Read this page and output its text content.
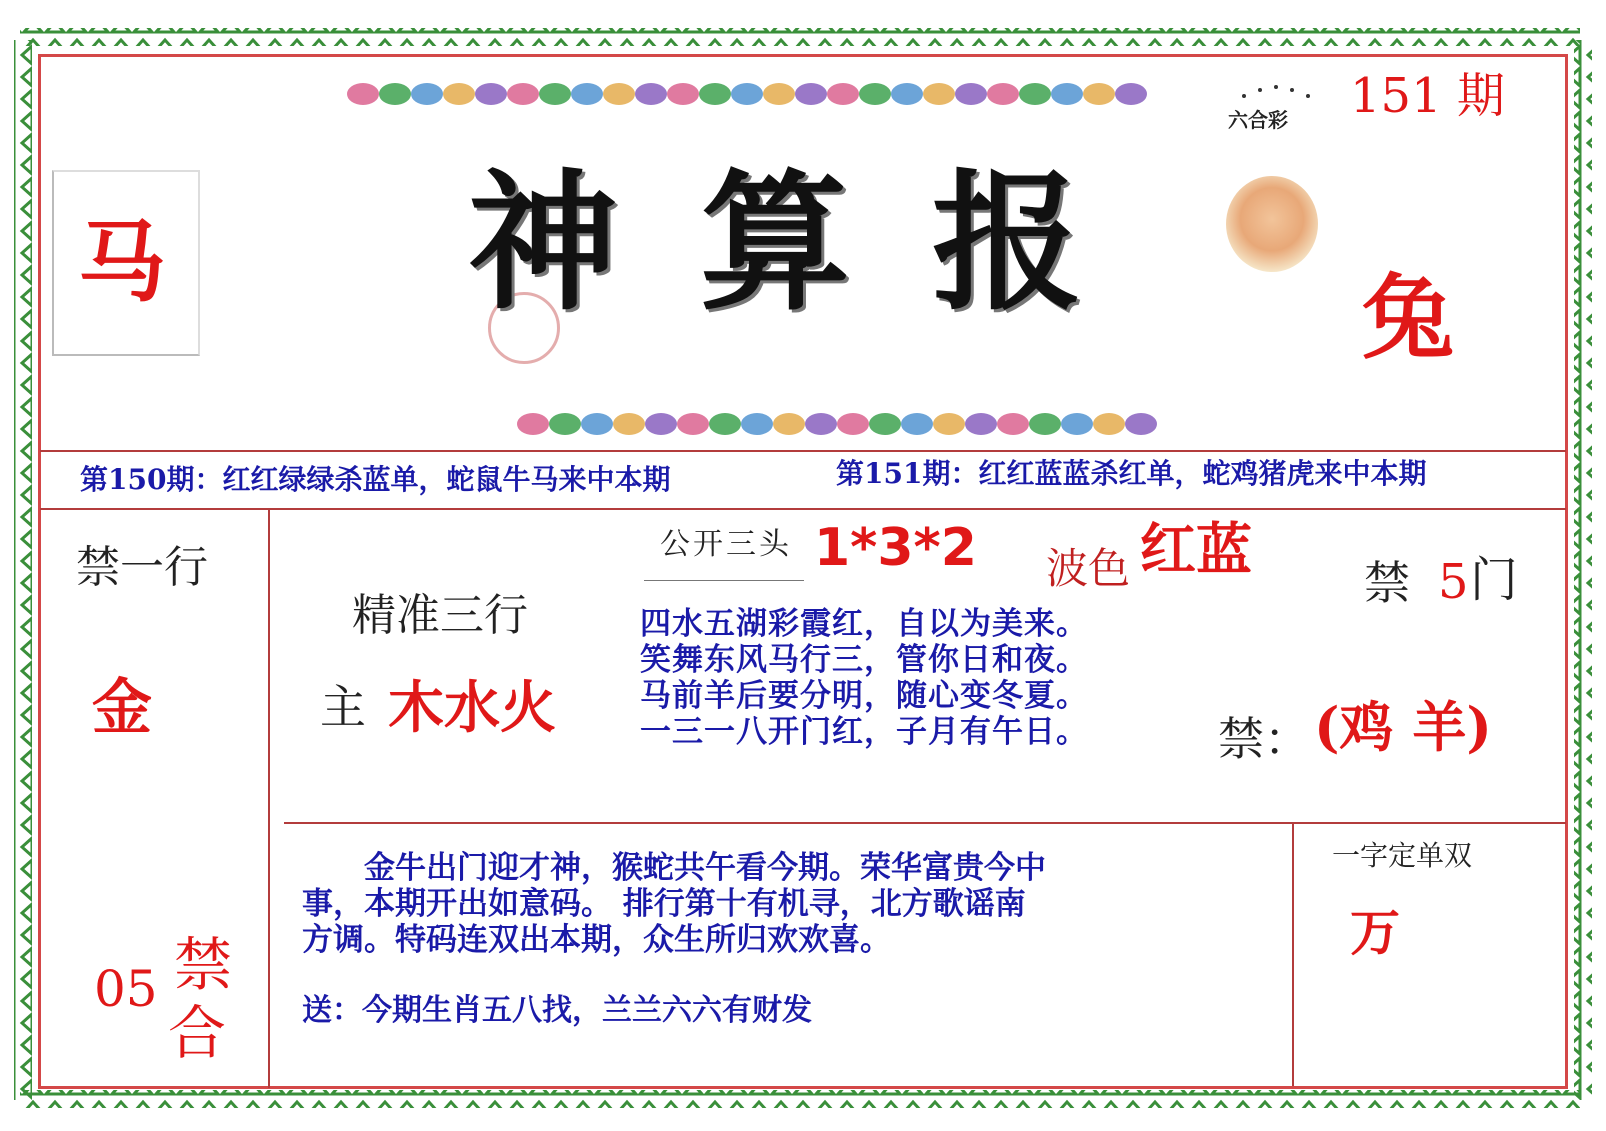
马 神算报
六合彩 151 期
兔
第150期：红红绿绿杀蓝单，蛇鼠牛马来中本期	第151期：红红蓝蓝杀红单，蛇鸡猪虎来中本期
禁一行
金
05 禁
合
公开三头 1*3*2 波色 红蓝 禁 5 门
精准三行
主 木水火
四水五湖彩霞红，自以为美来。
笑舞东风马行三，管你日和夜。
马前羊后要分明，随心变冬夏。
一三一八开门红，子月有午日。	禁： (鸡 羊)
金牛出门迎才神，猴蛇共午看今期。荣华富贵今中
事，本期开出如意码。 排行第十有机寻，北方歌谣南
方调。特码连双出本期，众生所归欢欢喜。
送：今期生肖五八找，兰兰六六有财发
一字定单双
万
